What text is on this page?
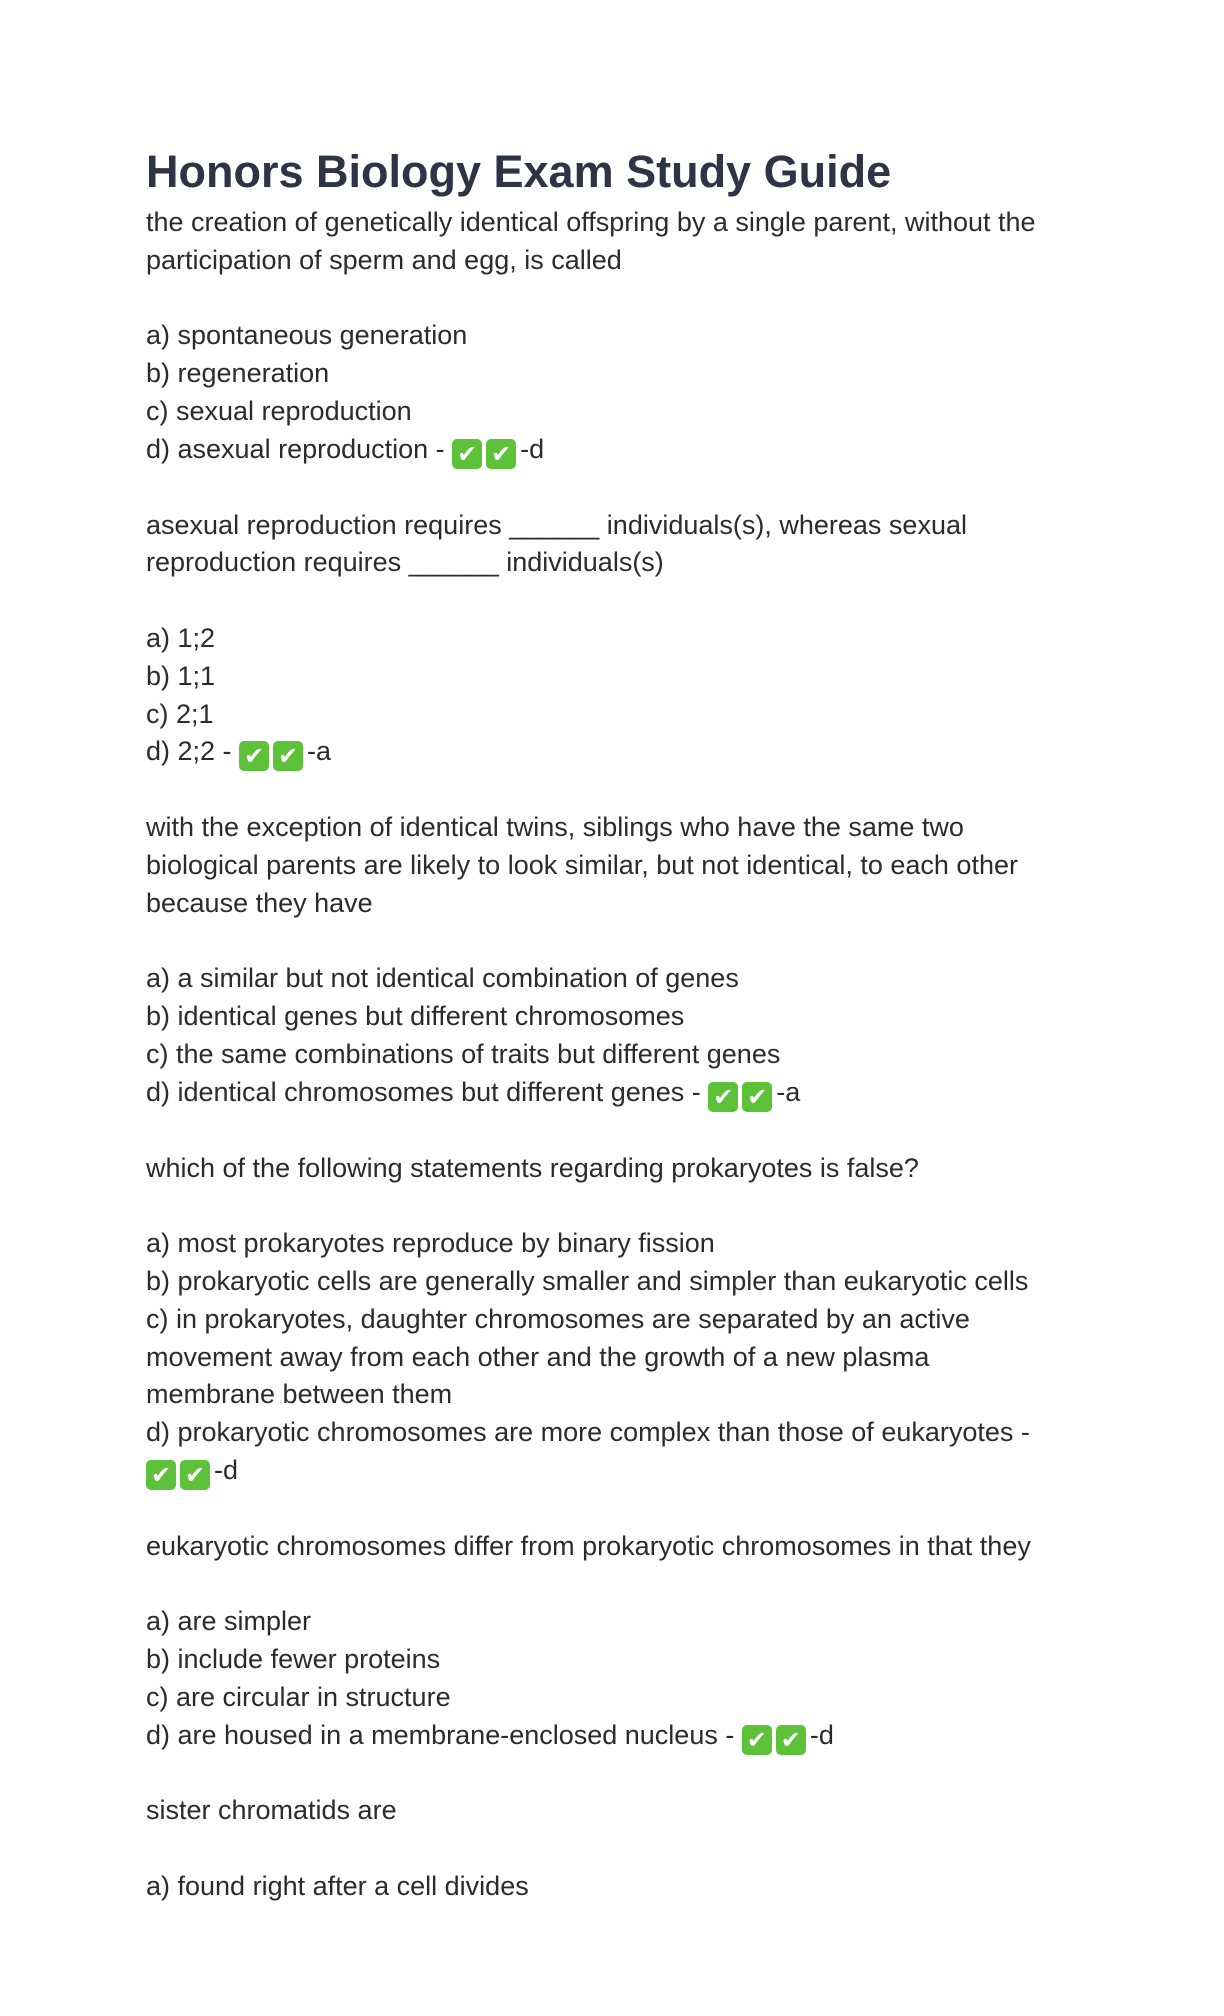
Honors Biology Exam Study Guide
the creation of genetically identical offspring by a single parent, without the
participation of sperm and egg, is called
a) spontaneous generation
b) regeneration
c) sexual reproduction
d) asexual reproduction - ✔ ✔ -d
asexual reproduction requires ______ individuals(s), whereas sexual
reproduction requires ______ individuals(s)
a) 1;2
b) 1;1
c) 2;1
d) 2;2 - ✔ ✔ -a
with the exception of identical twins, siblings who have the same two
biological parents are likely to look similar, but not identical, to each other
because they have
a) a similar but not identical combination of genes
b) identical genes but different chromosomes
c) the same combinations of traits but different genes
d) identical chromosomes but different genes - ✔ ✔ -a
which of the following statements regarding prokaryotes is false?
a) most prokaryotes reproduce by binary fission
b) prokaryotic cells are generally smaller and simpler than eukaryotic cells
c) in prokaryotes, daughter chromosomes are separated by an active
movement away from each other and the growth of a new plasma
membrane between them
d) prokaryotic chromosomes are more complex than those of eukaryotes -
✔ ✔ -d
eukaryotic chromosomes differ from prokaryotic chromosomes in that they
a) are simpler
b) include fewer proteins
c) are circular in structure
d) are housed in a membrane-enclosed nucleus - ✔ ✔ -d
sister chromatids are
a) found right after a cell divides
